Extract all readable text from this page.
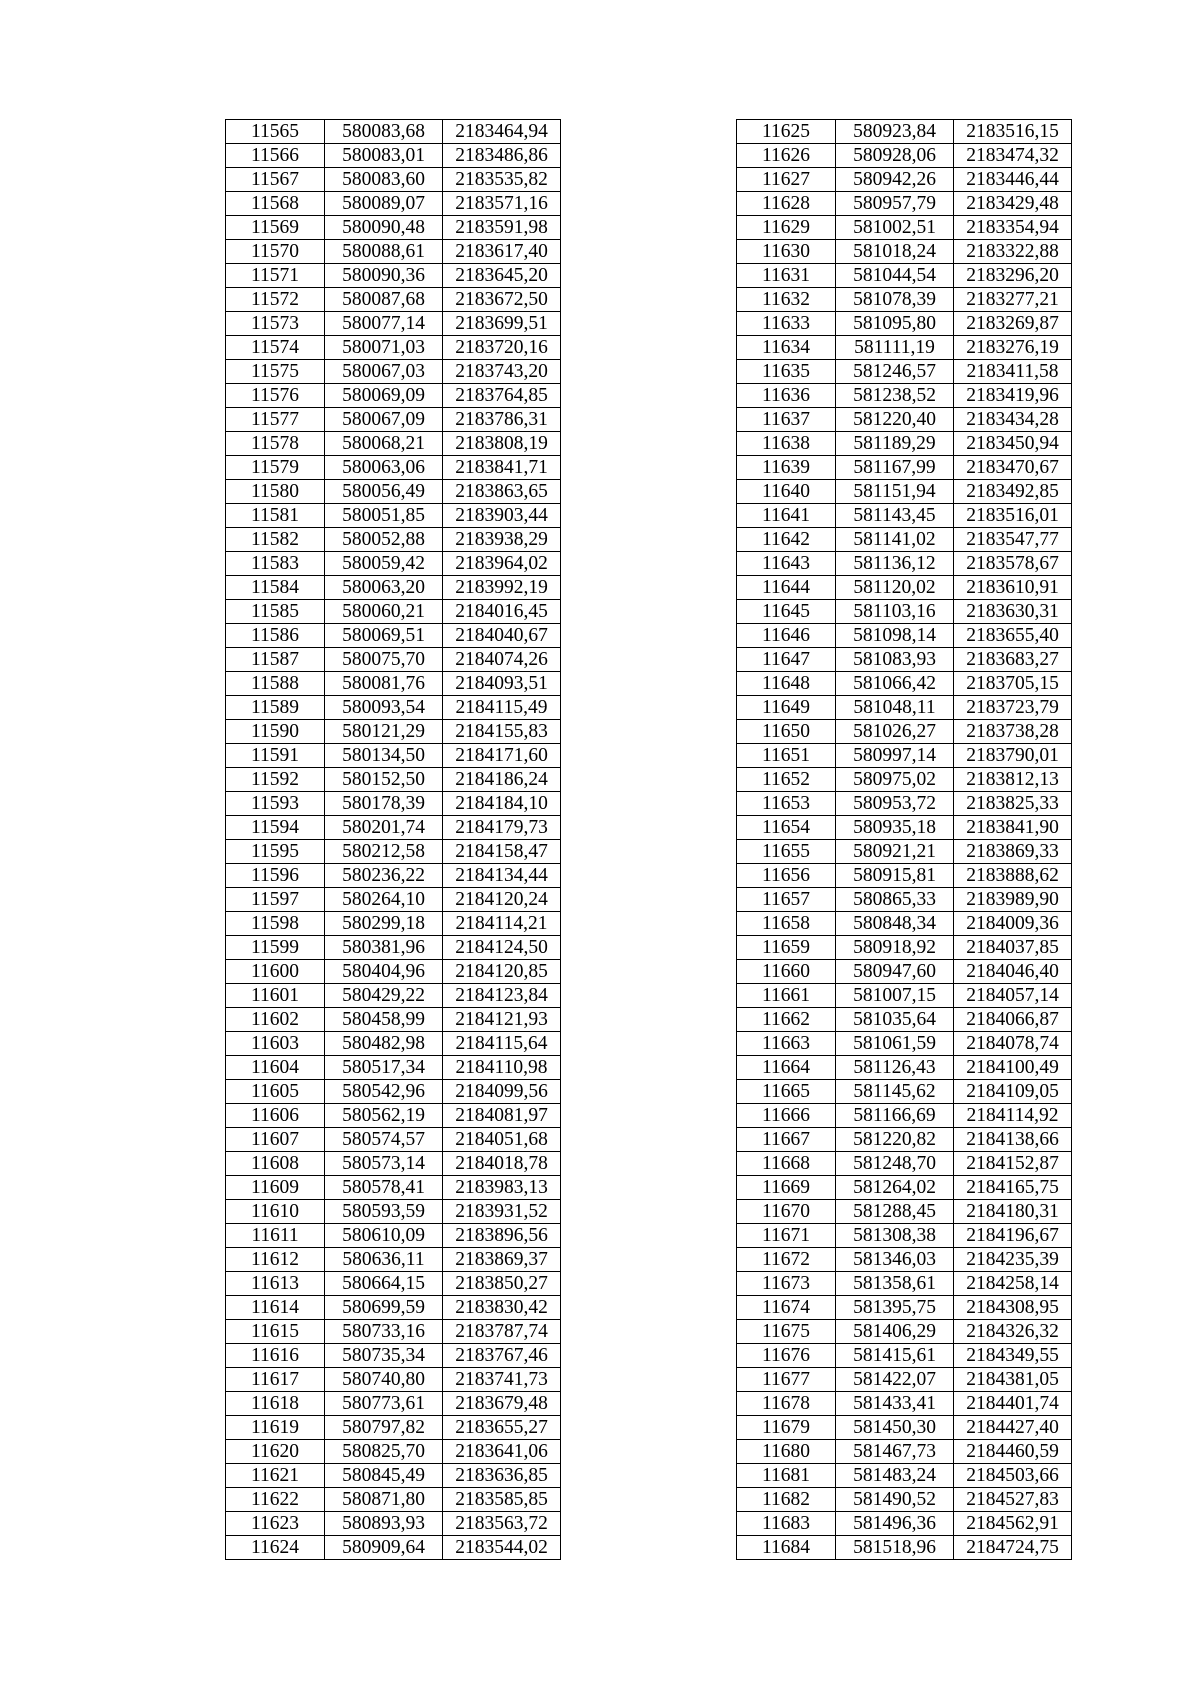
11565	580083,68	2183464,94
11566	580083,01	2183486,86
11567	580083,60	2183535,82
11568	580089,07	2183571,16
11569	580090,48	2183591,98
11570	580088,61	2183617,40
11571	580090,36	2183645,20
11572	580087,68	2183672,50
11573	580077,14	2183699,51
11574	580071,03	2183720,16
11575	580067,03	2183743,20
11576	580069,09	2183764,85
11577	580067,09	2183786,31
11578	580068,21	2183808,19
11579	580063,06	2183841,71
11580	580056,49	2183863,65
11581	580051,85	2183903,44
11582	580052,88	2183938,29
11583	580059,42	2183964,02
11584	580063,20	2183992,19
11585	580060,21	2184016,45
11586	580069,51	2184040,67
11587	580075,70	2184074,26
11588	580081,76	2184093,51
11589	580093,54	2184115,49
11590	580121,29	2184155,83
11591	580134,50	2184171,60
11592	580152,50	2184186,24
11593	580178,39	2184184,10
11594	580201,74	2184179,73
11595	580212,58	2184158,47
11596	580236,22	2184134,44
11597	580264,10	2184120,24
11598	580299,18	2184114,21
11599	580381,96	2184124,50
11600	580404,96	2184120,85
11601	580429,22	2184123,84
11602	580458,99	2184121,93
11603	580482,98	2184115,64
11604	580517,34	2184110,98
11605	580542,96	2184099,56
11606	580562,19	2184081,97
11607	580574,57	2184051,68
11608	580573,14	2184018,78
11609	580578,41	2183983,13
11610	580593,59	2183931,52
11611	580610,09	2183896,56
11612	580636,11	2183869,37
11613	580664,15	2183850,27
11614	580699,59	2183830,42
11615	580733,16	2183787,74
11616	580735,34	2183767,46
11617	580740,80	2183741,73
11618	580773,61	2183679,48
11619	580797,82	2183655,27
11620	580825,70	2183641,06
11621	580845,49	2183636,85
11622	580871,80	2183585,85
11623	580893,93	2183563,72
11624	580909,64	2183544,02
11625	580923,84	2183516,15
11626	580928,06	2183474,32
11627	580942,26	2183446,44
11628	580957,79	2183429,48
11629	581002,51	2183354,94
11630	581018,24	2183322,88
11631	581044,54	2183296,20
11632	581078,39	2183277,21
11633	581095,80	2183269,87
11634	581111,19	2183276,19
11635	581246,57	2183411,58
11636	581238,52	2183419,96
11637	581220,40	2183434,28
11638	581189,29	2183450,94
11639	581167,99	2183470,67
11640	581151,94	2183492,85
11641	581143,45	2183516,01
11642	581141,02	2183547,77
11643	581136,12	2183578,67
11644	581120,02	2183610,91
11645	581103,16	2183630,31
11646	581098,14	2183655,40
11647	581083,93	2183683,27
11648	581066,42	2183705,15
11649	581048,11	2183723,79
11650	581026,27	2183738,28
11651	580997,14	2183790,01
11652	580975,02	2183812,13
11653	580953,72	2183825,33
11654	580935,18	2183841,90
11655	580921,21	2183869,33
11656	580915,81	2183888,62
11657	580865,33	2183989,90
11658	580848,34	2184009,36
11659	580918,92	2184037,85
11660	580947,60	2184046,40
11661	581007,15	2184057,14
11662	581035,64	2184066,87
11663	581061,59	2184078,74
11664	581126,43	2184100,49
11665	581145,62	2184109,05
11666	581166,69	2184114,92
11667	581220,82	2184138,66
11668	581248,70	2184152,87
11669	581264,02	2184165,75
11670	581288,45	2184180,31
11671	581308,38	2184196,67
11672	581346,03	2184235,39
11673	581358,61	2184258,14
11674	581395,75	2184308,95
11675	581406,29	2184326,32
11676	581415,61	2184349,55
11677	581422,07	2184381,05
11678	581433,41	2184401,74
11679	581450,30	2184427,40
11680	581467,73	2184460,59
11681	581483,24	2184503,66
11682	581490,52	2184527,83
11683	581496,36	2184562,91
11684	581518,96	2184724,75
